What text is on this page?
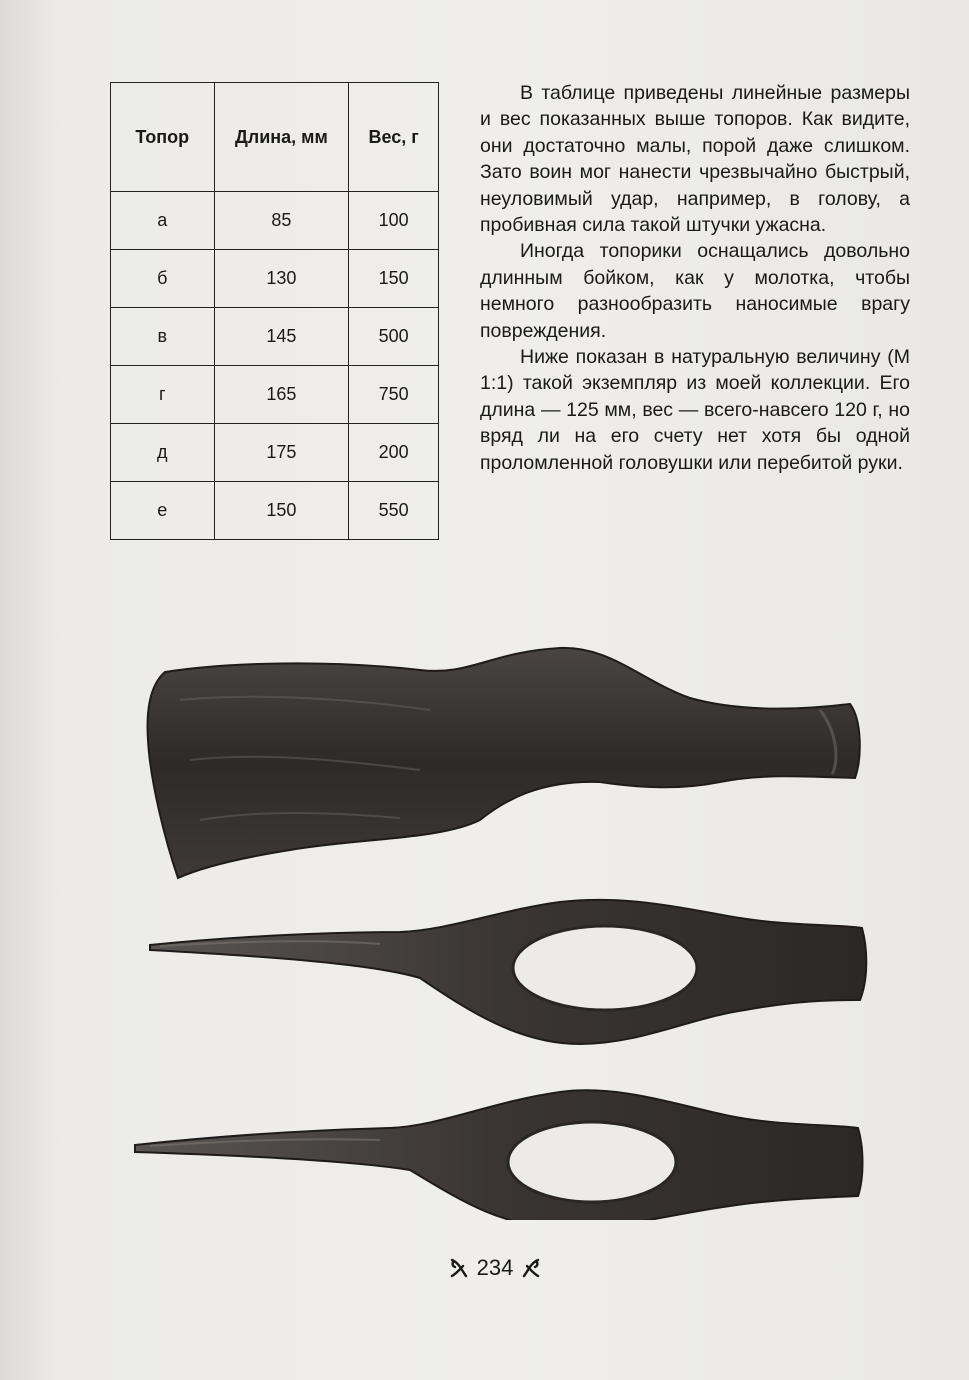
Топор	Длина, мм	Вес, г
а	85	100
б	130	150
в	145	500
г	165	750
д	175	200
е	150	550

В таблице приведены линейные размеры и вес показанных выше топоров. Как видите, они достаточно малы, порой даже слишком. Зато воин мог нанести чрезвычайно быстрый, неуловимый удар, например, в голову, а пробивная сила такой штучки ужасна.

Иногда топорики оснащались довольно длинным бойком, как у молотка, чтобы немного разнообразить наносимые врагу повреждения.

Ниже показан в натуральную величину (М 1:1) такой экземпляр из моей коллекции. Его длина — 125 мм, вес — всего-навсего 120 г, но вряд ли на его счету нет хотя бы одной проломленной головушки или перебитой руки.

234
